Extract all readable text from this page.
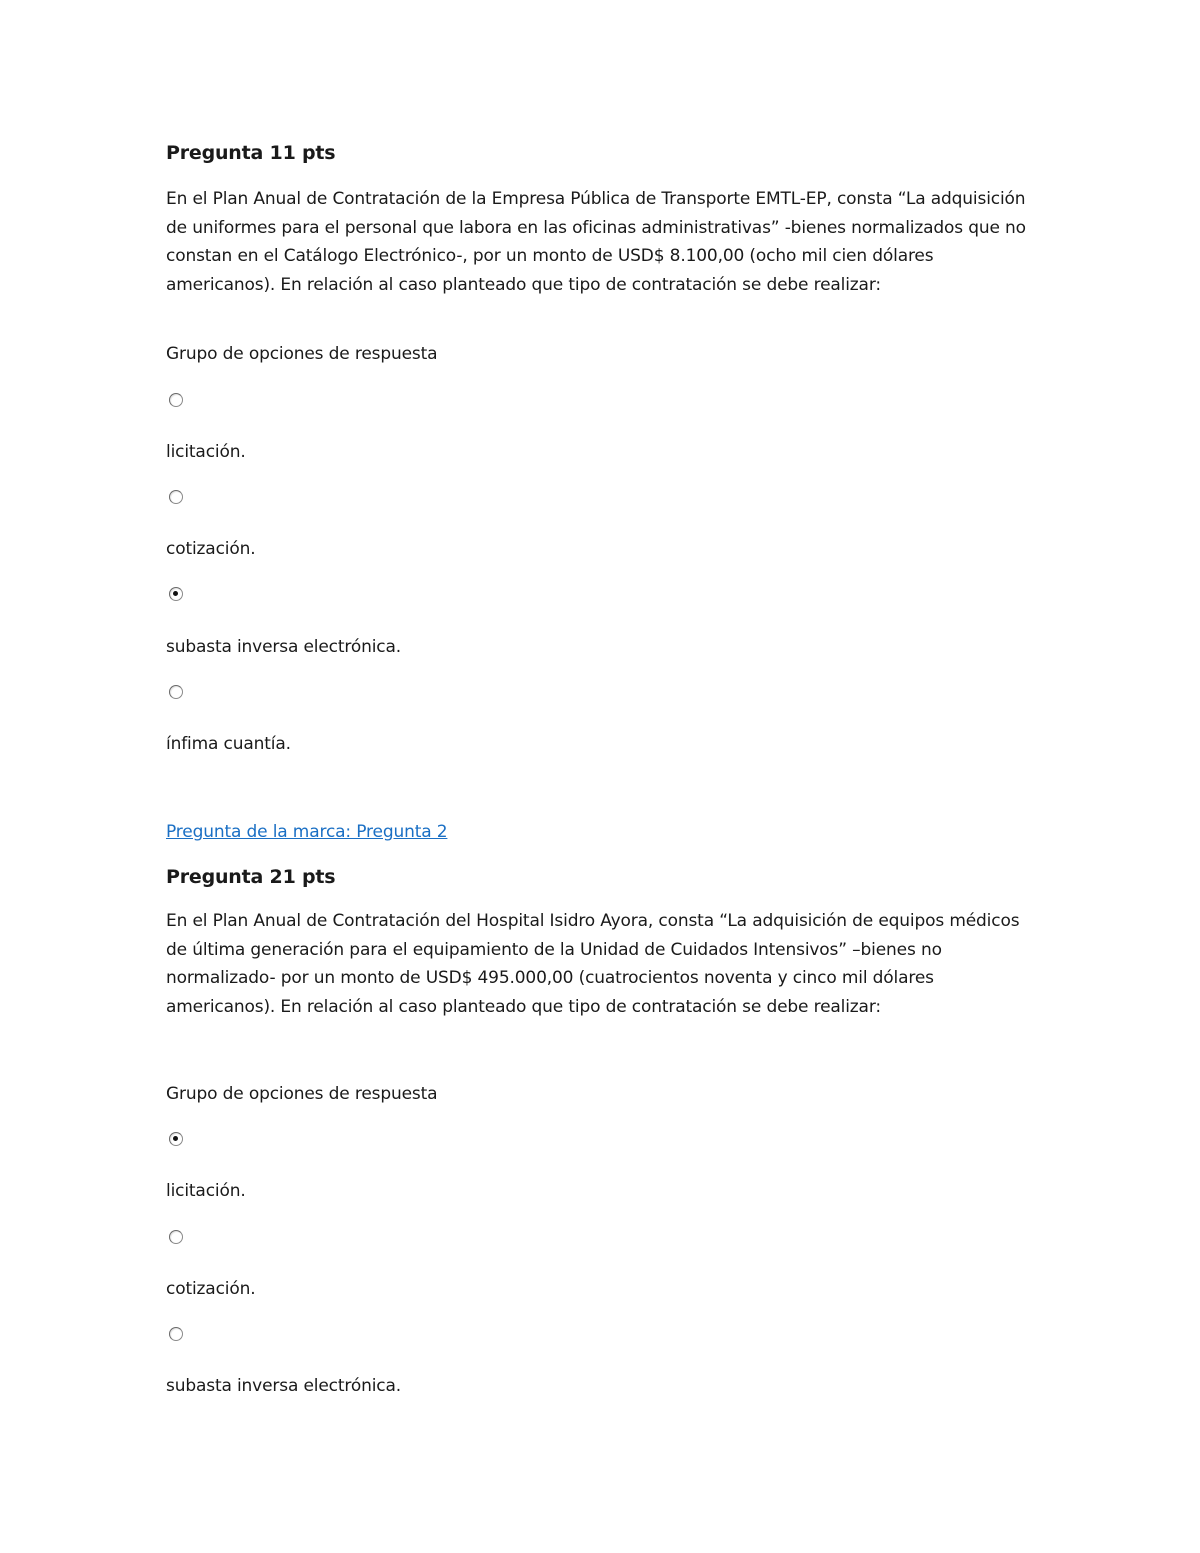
Pregunta 11 pts
En el Plan Anual de Contratación de la Empresa Pública de Transporte EMTL-EP, consta “La adquisición de uniformes para el personal que labora en las oficinas administrativas” -bienes normalizados que no constan en el Catálogo Electrónico-, por un monto de USD$ 8.100,00 (ocho mil cien dólares americanos). En relación al caso planteado que tipo de contratación se debe realizar:
Grupo de opciones de respuesta
licitación.
cotización.
subasta inversa electrónica.
ínfima cuantía.
Pregunta de la marca: Pregunta 2
Pregunta 21 pts
En el Plan Anual de Contratación del Hospital Isidro Ayora, consta “La adquisición de equipos médicos de última generación para el equipamiento de la Unidad de Cuidados Intensivos” –bienes no normalizado- por un monto de USD$ 495.000,00 (cuatrocientos noventa y cinco mil dólares americanos). En relación al caso planteado que tipo de contratación se debe realizar:
Grupo de opciones de respuesta
licitación.
cotización.
subasta inversa electrónica.
